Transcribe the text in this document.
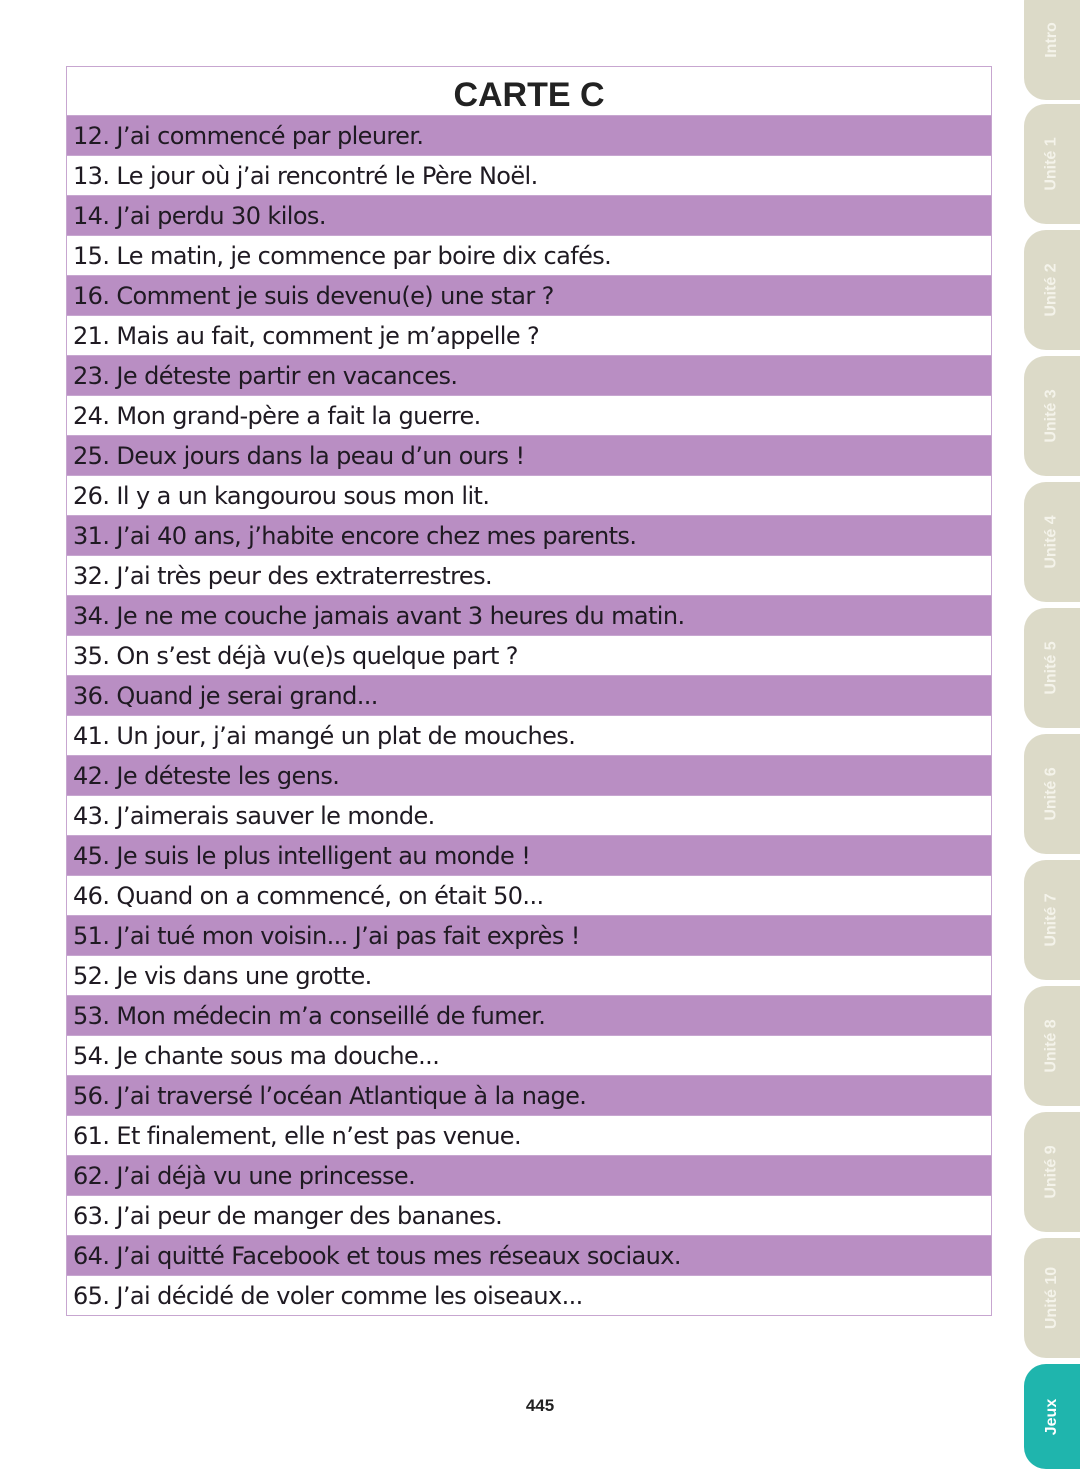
CARTE C
12. J’ai commencé par pleurer.
13. Le jour où j’ai rencontré le Père Noël.
14. J’ai perdu 30 kilos.
15. Le matin, je commence par boire dix cafés.
16. Comment je suis devenu(e) une star ?
21. Mais au fait, comment je m’appelle ?
23. Je déteste partir en vacances.
24. Mon grand-père a fait la guerre.
25. Deux jours dans la peau d’un ours !
26. Il y a un kangourou sous mon lit.
31. J’ai 40 ans, j’habite encore chez mes parents.
32. J’ai très peur des extraterrestres.
34. Je ne me couche jamais avant 3 heures du matin.
35. On s’est déjà vu(e)s quelque part ?
36. Quand je serai grand...
41. Un jour, j’ai mangé un plat de mouches.
42. Je déteste les gens.
43. J’aimerais sauver le monde.
45. Je suis le plus intelligent au monde !
46. Quand on a commencé, on était 50...
51. J’ai tué mon voisin... J’ai pas fait exprès !
52. Je vis dans une grotte.
53. Mon médecin m’a conseillé de fumer.
54. Je chante sous ma douche...
56. J’ai traversé l’océan Atlantique à la nage.
61. Et finalement, elle n’est pas venue.
62. J’ai déjà vu une princesse.
63. J’ai peur de manger des bananes.
64. J’ai quitté Facebook et tous mes réseaux sociaux.
65. J’ai décidé de voler comme les oiseaux...
445
Intro
Unité 1
Unité 2
Unité 3
Unité 4
Unité 5
Unité 6
Unité 7
Unité 8
Unité 9
Unité 10
Jeux
